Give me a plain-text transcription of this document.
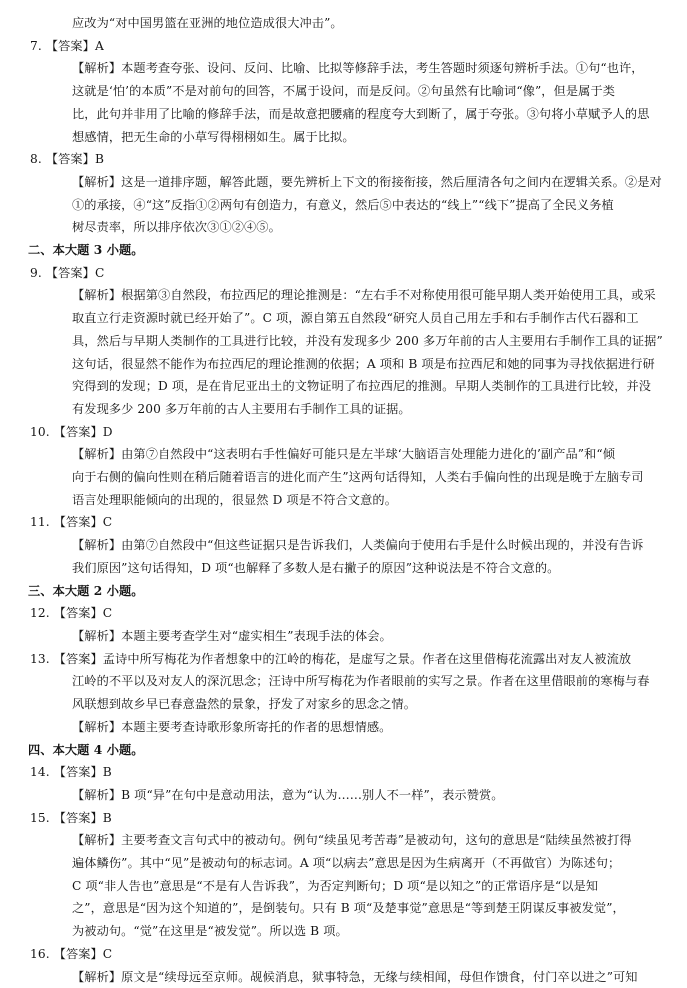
应改为“对中国男篮在亚洲的地位造成很大冲击”。
7. 【答案】A
【解析】本题考查夸张、设问、反问、比喻、比拟等修辞手法，考生答题时须逐句辨析手法。①句“也许，
这就是‘怕’的本质”不是对前句的回答，不属于设问，而是反问。②句虽然有比喻词“像”，但是属于类
比，此句并非用了比喻的修辞手法，而是故意把腰痛的程度夸大到断了，属于夸张。③句将小草赋予人的思
想感情，把无生命的小草写得栩栩如生。属于比拟。
8. 【答案】B
【解析】这是一道排序题，解答此题，要先辨析上下文的衔接衔接，然后厘清各句之间内在逻辑关系。②是对
①的承接，④“这”反指①②两句有创造力，有意义，然后⑤中表达的“线上”“线下”提高了全民义务植
树尽责率，所以排序依次③①②④⑤。
二、本大题 3 小题。
9. 【答案】C
【解析】根据第③自然段，布拉西尼的理论推测是：“左右手不对称使用很可能早期人类开始使用工具，或采
取直立行走资源时就已经开始了”。C 项，源自第五自然段“研究人员自己用左手和右手制作古代石器和工
具，然后与早期人类制作的工具进行比较，并没有发现多少 200 多万年前的古人主要用右手制作工具的证据”
这句话，很显然不能作为布拉西尼的理论推测的依据；A 项和 B 项是布拉西尼和她的同事为寻找依据进行研
究得到的发现；D 项，是在肯尼亚出土的文物证明了布拉西尼的推测。早期人类制作的工具进行比较，并没
有发现多少 200 多万年前的古人主要用右手制作工具的证据。
10. 【答案】D
【解析】由第⑦自然段中“这表明右手性偏好可能只是左半球‘大脑语言处理能力进化的’副产品”和“倾
向于右侧的偏向性则在稍后随着语言的进化而产生”这两句话得知，人类右手偏向性的出现是晚于左脑专司
语言处理职能倾向的出现的，很显然 D 项是不符合文意的。
11. 【答案】C
【解析】由第⑦自然段中“但这些证据只是告诉我们，人类偏向于使用右手是什么时候出现的，并没有告诉
我们原因”这句话得知，D 项“也解释了多数人是右撇子的原因”这种说法是不符合文意的。
三、本大题 2 小题。
12. 【答案】C
【解析】本题主要考查学生对“虚实相生”表现手法的体会。
13. 【答案】孟诗中所写梅花为作者想象中的江岭的梅花，是虚写之景。作者在这里借梅花流露出对友人被流放
江岭的不平以及对友人的深沉思念；汪诗中所写梅花为作者眼前的实写之景。作者在这里借眼前的寒梅与春
风联想到故乡早已春意盎然的景象，抒发了对家乡的思念之情。
【解析】本题主要考查诗歌形象所寄托的作者的思想情感。
四、本大题 4 小题。
14. 【答案】B
【解析】B 项“异”在句中是意动用法，意为“认为……别人不一样”，表示赞赏。
15. 【答案】B
【解析】主要考查文言句式中的被动句。例句“续虽见考苦毒”是被动句，这句的意思是“陆续虽然被打得
遍体鳞伤”。其中“见”是被动句的标志词。A 项“以病去”意思是因为生病离开（不再做官）为陈述句；
C 项“非人告也”意思是“不是有人告诉我”，为否定判断句；D 项“是以知之”的正常语序是“以是知
之”，意思是“因为这个知道的”，是倒装句。只有 B 项“及楚事觉”意思是“等到楚王阴谋反事被发觉”，
为被动句。“觉”在这里是“被发觉”。所以选 B 项。
16. 【答案】C
【解析】原文是“续母远至京师。觇候消息，狱事特急，无缘与续相闻，母但作馈食，付门卒以进之”可知
